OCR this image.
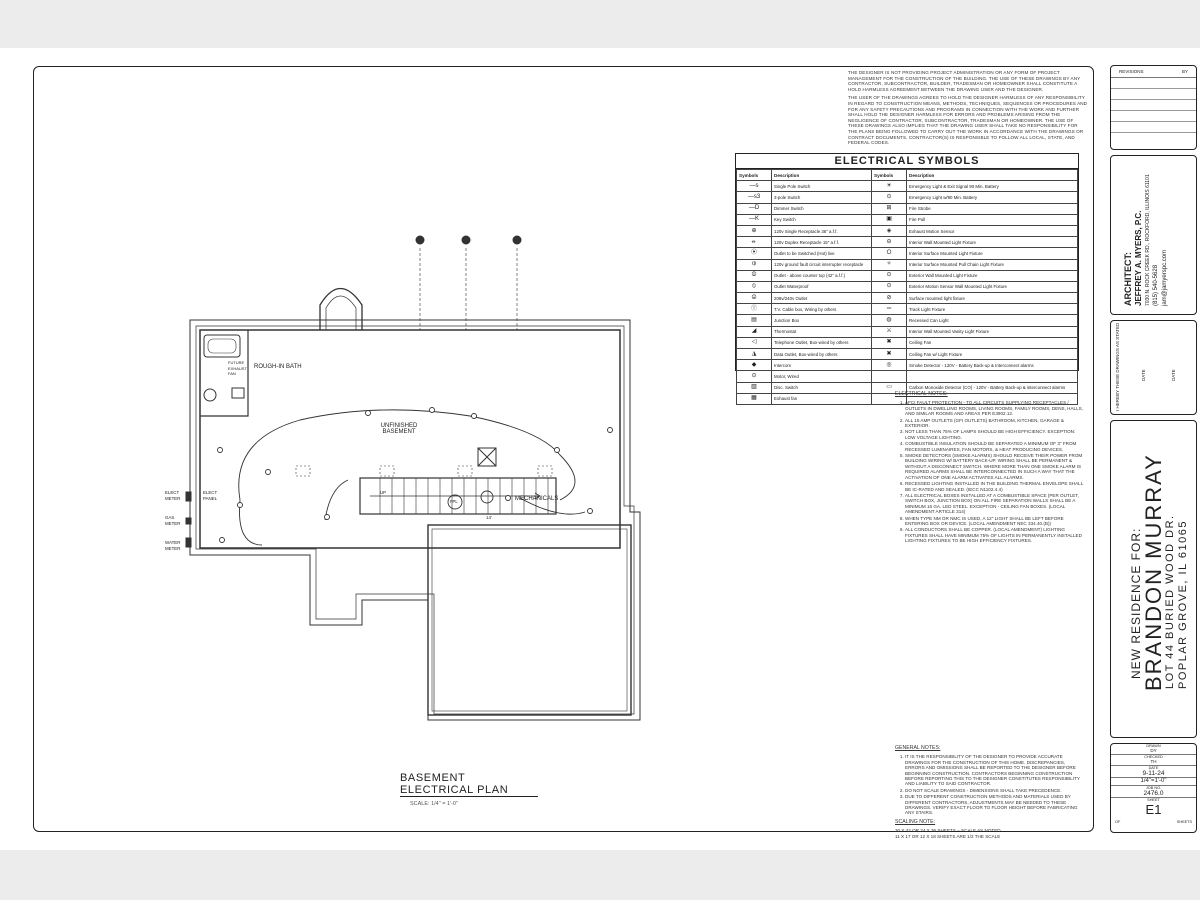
THE DESIGNER IS NOT PROVIDING PROJECT ADMINISTRATION OR ANY FORM OF PROJECT MANAGEMENT FOR THE CONSTRUCTION OF THE BUILDING. THE USE OF THESE DRAWINGS BY ANY CONTRACTOR, SUBCONTRACTOR, BUILDER, TRADESMAN OR HOMEOWNER SHALL CONSTITUTE A HOLD HARMLESS AGREEMENT BETWEEN THE DRAWING USER AND THE DESIGNER.
THE USER OF THE DRAWINGS AGREES TO HOLD THE DESIGNER HARMLESS OF ANY RESPONSIBILITY IN REGARD TO CONSTRUCTION MEANS, METHODS, TECHNIQUES, SEQUENCES OR PROCEDURES AND FOR ANY SAFETY PRECAUTIONS AND PROGRAMS IN CONNECTION WITH THE WORK AND FURTHER SHALL HOLD THE DESIGNER HARMLESS FOR ERRORS AND PROBLEMS ARISING FROM THE NEGLIGENCE OF CONTRACTOR, SUBCONTRACTOR, TRADESMAN OR HOMEOWNER. THE USE OF THESE DRAWINGS ALSO IMPLIES THAT THE DRAWING USER SHALL TAKE NO RESPONSIBILITY FOR THE PLANS BEING FOLLOWED TO CARRY OUT THE WORK IN ACCORDANCE WITH THE DRAWINGS OR CONTRACT DOCUMENTS. CONTRACTOR(S) IS RESPONSIBLE TO FOLLOW ALL LOCAL, STATE, AND FEDERAL CODES.
ELECTRICAL SYMBOLS
Symbols	Description	Symbols	Description
—s	Single Pole Switch	☀	Emergency Light & Exit Signal 90 Min. Battery
—s3	3-pole Switch	⊙	Emergency Light w/90 Min. Battery
—D	Dimmer Switch	⊞	Fire Strobe
—K	Key Switch	▣	Fire Pull
⊕	120v Single Receptacle 36" a.f.f.	◈	Exhaust Motion Sensor
⦵	120v Duplex Receptacle 15" a.f.f.	⊖	Interior Wall Mounted Light Fixture
⦿	Outlet to be Switched (Hot) live	⭘	Interior Surface Mounted Light Fixture
⦶	120v ground fault circuit interrupter receptacle	✧	Interior Surface Mounted Pull Chain Light Fixture
⦷	Outlet - above counter top (42" a.f.f.)	⊙	Exterior Wall Mounted Light Fixture
⦸	Outlet Waterproof	⊙	Exterior Motion Sensor Wall Mounted Light Fixture
⦹	208v/240v Outlet	⊘	Surface mounted light fixture
Ⓣ	T.V. Cable box, Wiring by others	═	Track Light Fixture
▤	Junction Box	◍	Recessed Can Light
◢	Thermostat	⚔	Interior Wall Mounted Vanity Light Fixture
◁	Telephone Outlet, Box-wired by others	✖	Ceiling Fan
◮	Data Outlet, Box-wired by others	✖	Ceiling Fan w/ Light Fixture
◆	Intercom	◎	Smoke Detector - 120V - Battery Back-up & Interconnect alarms
⊙	Motor, Wired		
▧	Disc. Switch	▭	Carbon Monoxide Detector (CO) - 120V - Battery Back-up & interconnect alarms
▦	Exhaust fan		
ROUGH-IN BATH
FUTURE EXHAUST FAN
UNFINISHED BASEMENT
MECHANICALS
ELECT METER
ELECT PANEL
GAS METER
WATER METER
UP
FPL
14'
BASEMENT
ELECTRICAL PLAN
SCALE: 1/4" = 1'-0"
ELECTRICAL NOTES:
1. AFCI FAULT PROTECTION - TO ALL CIRCUITS SUPPLYING RECEPTACLES / OUTLETS IN DWELLING ROOMS, LIVING ROOMS, FAMILY ROOMS, DENS, HALLS, AND SIMILAR ROOMS AND AREAS PER E3902.12.
2. ALL 15 AMP OUTLETS (GFI OUTLETS) BATHROOM, KITCHEN, GARAGE & EXTERIOR.
3. NOT LESS THAN 75% OF LAMPS SHOULD BE HIGH EFFICIENCY. EXCEPTION: LOW VOLTAGE LIGHTING.
4. COMBUSTIBLE INSULATION SHOULD BE SEPARATED A MINIMUM OF 3" FROM RECESSED LUMINAIRES, FAN MOTORS, & HEAT PRODUCING DEVICES.
5. SMOKE DETECTORS (SMOKE ALARMS) SHOULD RECEIVE THEIR POWER FROM BUILDING WIRING W/ BATTERY BACK-UP. WIRING SHALL BE PERMANENT & WITHOUT A DISCONNECT SWITCH. WHERE MORE THAN ONE SMOKE ALARM IS REQUIRED ALARMS SHALL BE INTERCONNECTED IN SUCH A WAY THAT THE ACTIVATION OF ONE ALARM ACTIVATES ALL ALARMS.
6. RECESSED LIGHTING INSTALLED IN THE BUILDING THERMAL ENVELOPE SHALL BE IC-RATED AND SEALED. (IECC N1102.4.4)
7. ALL ELECTRICAL BOXES INSTALLED AT A COMBUSTIBLE SPACE (PER OUTLET, SWITCH BOX, JUNCTION BOX) ON ALL FIRE SEPARATION WALLS SHALL BE A MINIMUM 16 GA. LED STEEL. EXCEPTION - CEILING FAN BOXES. (LOCAL AMENDMENT ARTICLE 314)
8. WHEN TYPE NM OR NMC IS USED, A 12" LIGHT SHALL BE LEFT BEFORE ENTERING BOX OR DEVICE. (LOCAL AMENDMENT NEC 334.40.(B))
9. ALL CONDUCTORS SHALL BE COPPER. (LOCAL AMENDMENT) LIGHTING FIXTURES SHALL HAVE MINIMUM 75% OF LIGHTS IN PERMANENTLY INSTALLED LIGHTING FIXTURES TO BE HIGH EFFICIENCY FIXTURES.
GENERAL NOTES:
1. IT IS THE RESPONSIBILITY OF THE DESIGNER TO PROVIDE ACCURATE DRAWINGS FOR THE CONSTRUCTION OF THIS HOME. DISCREPANCIES, ERRORS AND OMISSIONS SHALL BE REPORTED TO THE DESIGNER BEFORE BEGINNING CONSTRUCTION. CONTRACTORS BEGINNING CONSTRUCTION BEFORE REPORTING THIS TO THE DESIGNER CONSTITUTES RESPONSIBILITY AND LIABILITY TO SAID CONTRACTOR.
2. DO NOT SCALE DRAWINGS - DIMENSIONS SHALL TAKE PRECEDENCE.
3. DUE TO DIFFERENT CONSTRUCTION METHODS AND MATERIALS USED BY DIFFERENT CONTRACTORS, ADJUSTMENTS MAY BE NEEDED TO THESE DRAWINGS. VERIFY EXACT FLOOR TO FLOOR HEIGHT BEFORE FABRICATING ANY STAIRS.
SCALING NOTE:
30 X 42 OR 24 X 36 SHEETS = SCALE AS NOTED
11 X 17 OR 12 X 18 SHEETS ARE 1/2 THE SCALE
REVISIONS	BY
ARCHITECT: JEFFREY A. MYERS, P.C. 7030 N. ROCK CREEK RD., ROCKFORD, ILLINOIS 61101 (815) 540-5628 jam@jamyerspc.com
I HEREBY THESE DRAWINGS AS STATED	DATE	DATE
NEW RESIDENCE FOR:
BRANDON MURRAY
LOT 44 BURIED WOOD DR. POPLAR GROVE, IL 61065
DRAWN
DY
CHECKED
TH
DATE
9-11-24
1/4"=1'-0"
JOB NO.
2476.0
SHEET
E1
OF	SHEETS
